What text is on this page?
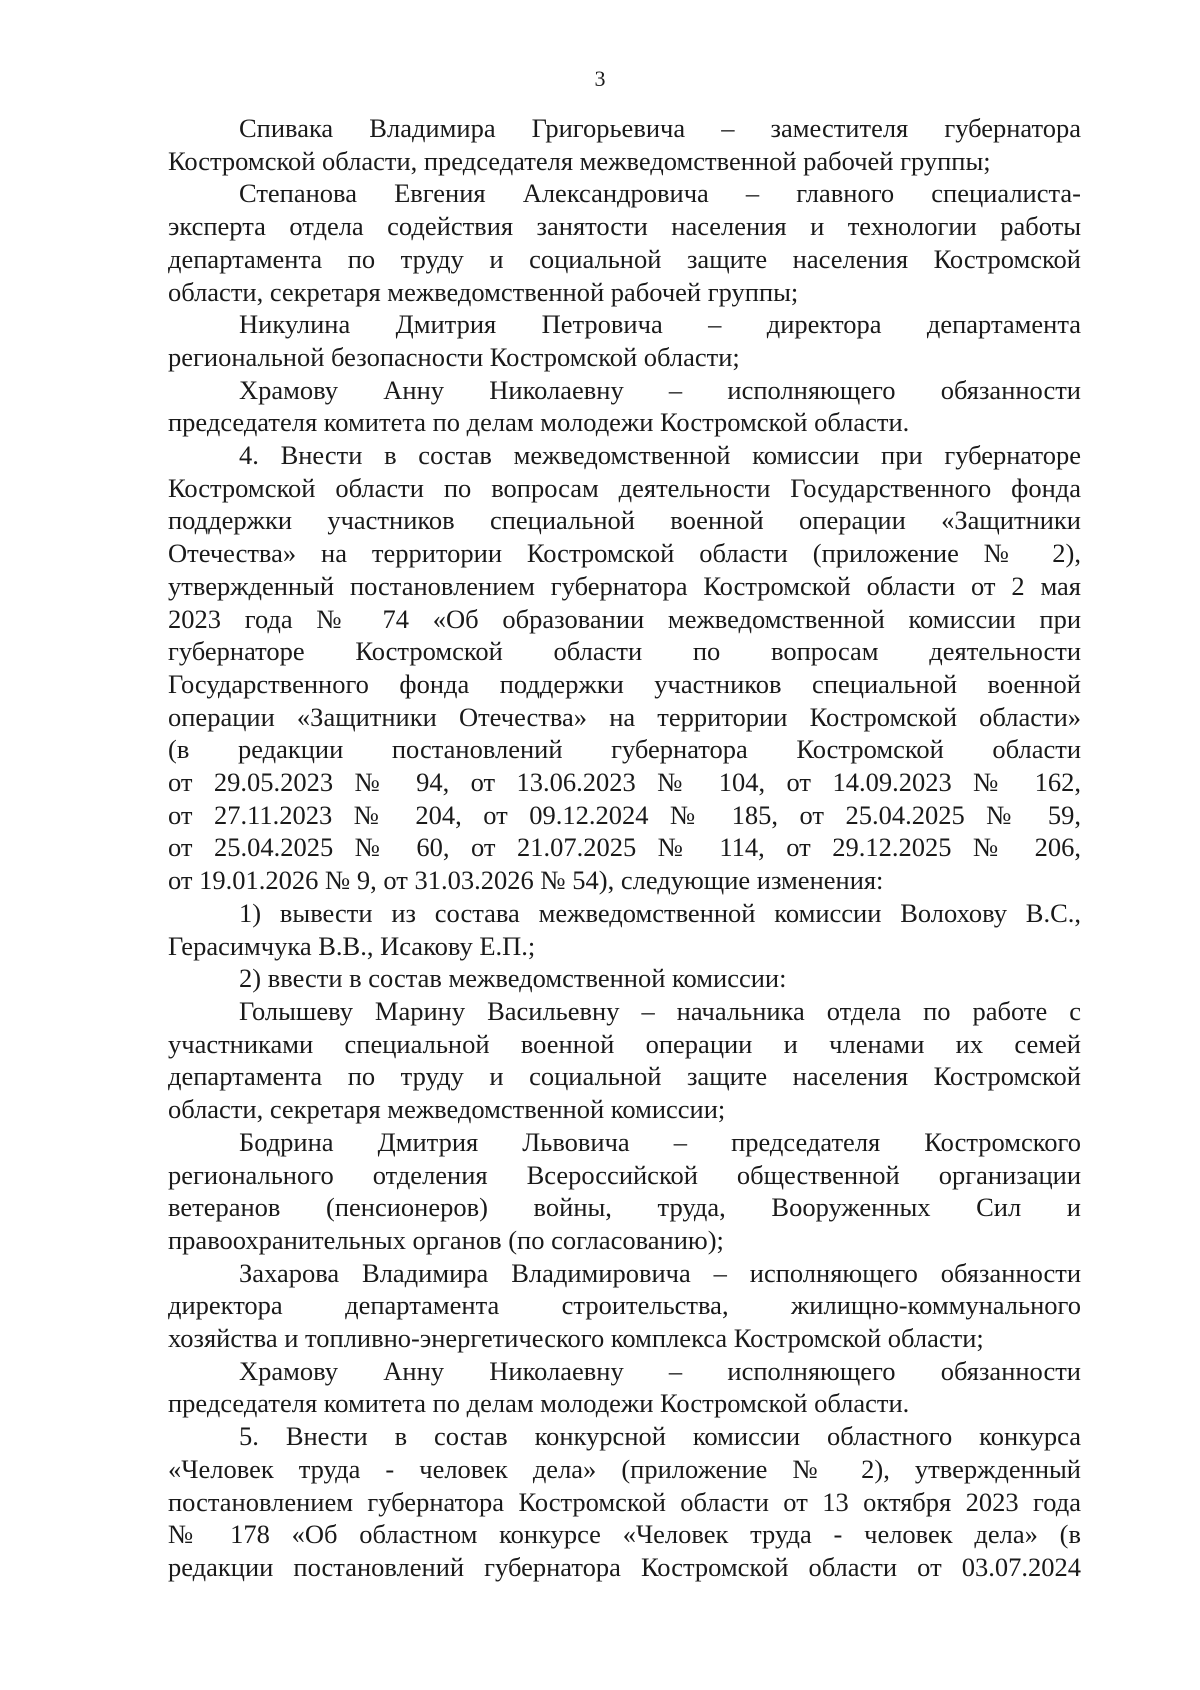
3

Спивака Владимира Григорьевича – заместителя губернатора
Костромской области, председателя межведомственной рабочей группы;

Степанова Евгения Александровича – главного специалиста-
эксперта отдела содействия занятости населения и технологии работы
департамента по труду и социальной защите населения Костромской
области, секретаря межведомственной рабочей группы;

Никулина Дмитрия Петровича – директора департамента
региональной безопасности Костромской области;

Храмову Анну Николаевну – исполняющего обязанности
председателя комитета по делам молодежи Костромской области.

4. Внести в состав межведомственной комиссии при губернаторе
Костромской области по вопросам деятельности Государственного фонда
поддержки участников специальной военной операции «Защитники
Отечества» на территории Костромской области (приложение № 2),
утвержденный постановлением губернатора Костромской области от 2 мая
2023 года № 74 «Об образовании межведомственной комиссии при
губернаторе Костромской области по вопросам деятельности
Государственного фонда поддержки участников специальной военной
операции «Защитники Отечества» на территории Костромской области»
(в редакции постановлений губернатора Костромской области
от 29.05.2023 № 94, от 13.06.2023 № 104, от 14.09.2023 № 162,
от 27.11.2023 № 204, от 09.12.2024 № 185, от 25.04.2025 № 59,
от 25.04.2025 № 60, от 21.07.2025 № 114, от 29.12.2025 № 206,
от 19.01.2026 № 9, от 31.03.2026 № 54), следующие изменения:

1) вывести из состава межведомственной комиссии Волохову В.С.,
Герасимчука В.В., Исакову Е.П.;

2) ввести в состав межведомственной комиссии:

Голышеву Марину Васильевну – начальника отдела по работе с
участниками специальной военной операции и членами их семей
департамента по труду и социальной защите населения Костромской
области, секретаря межведомственной комиссии;

Бодрина Дмитрия Львовича – председателя Костромского
регионального отделения Всероссийской общественной организации
ветеранов (пенсионеров) войны, труда, Вооруженных Сил и
правоохранительных органов (по согласованию);

Захарова Владимира Владимировича – исполняющего обязанности
директора департамента строительства, жилищно-коммунального
хозяйства и топливно-энергетического комплекса Костромской области;

Храмову Анну Николаевну – исполняющего обязанности
председателя комитета по делам молодежи Костромской области.

5. Внести в состав конкурсной комиссии областного конкурса
«Человек труда - человек дела» (приложение № 2), утвержденный
постановлением губернатора Костромской области от 13 октября 2023 года
№ 178 «Об областном конкурсе «Человек труда - человек дела» (в
редакции постановлений губернатора Костромской области от 03.07.2024
